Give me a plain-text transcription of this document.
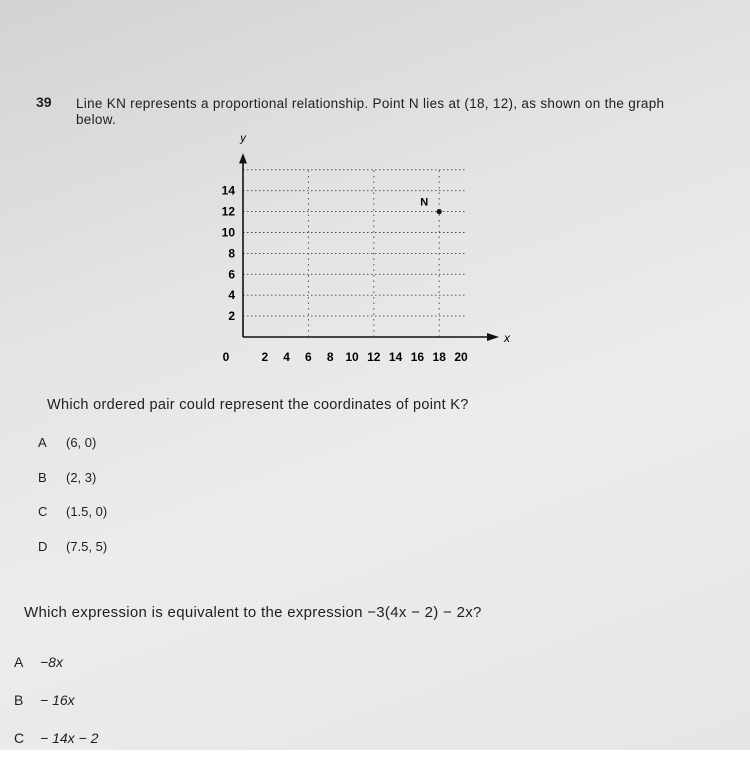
39 Line KN represents a proportional relationship. Point N lies at (18, 12), as shown on the graph below.
x
y
0	2 4 6 8 10 12 14 16 18 20
2
4
6
8
10
12
14
N
Which ordered pair could represent the coordinates of point K?
A (6, 0)
B (2, 3)
C (1.5, 0)
D (7.5, 5)
Which expression is equivalent to the expression −3(4x − 2) − 2x?
A	−8x
B	− 16x
C − 14x − 2
